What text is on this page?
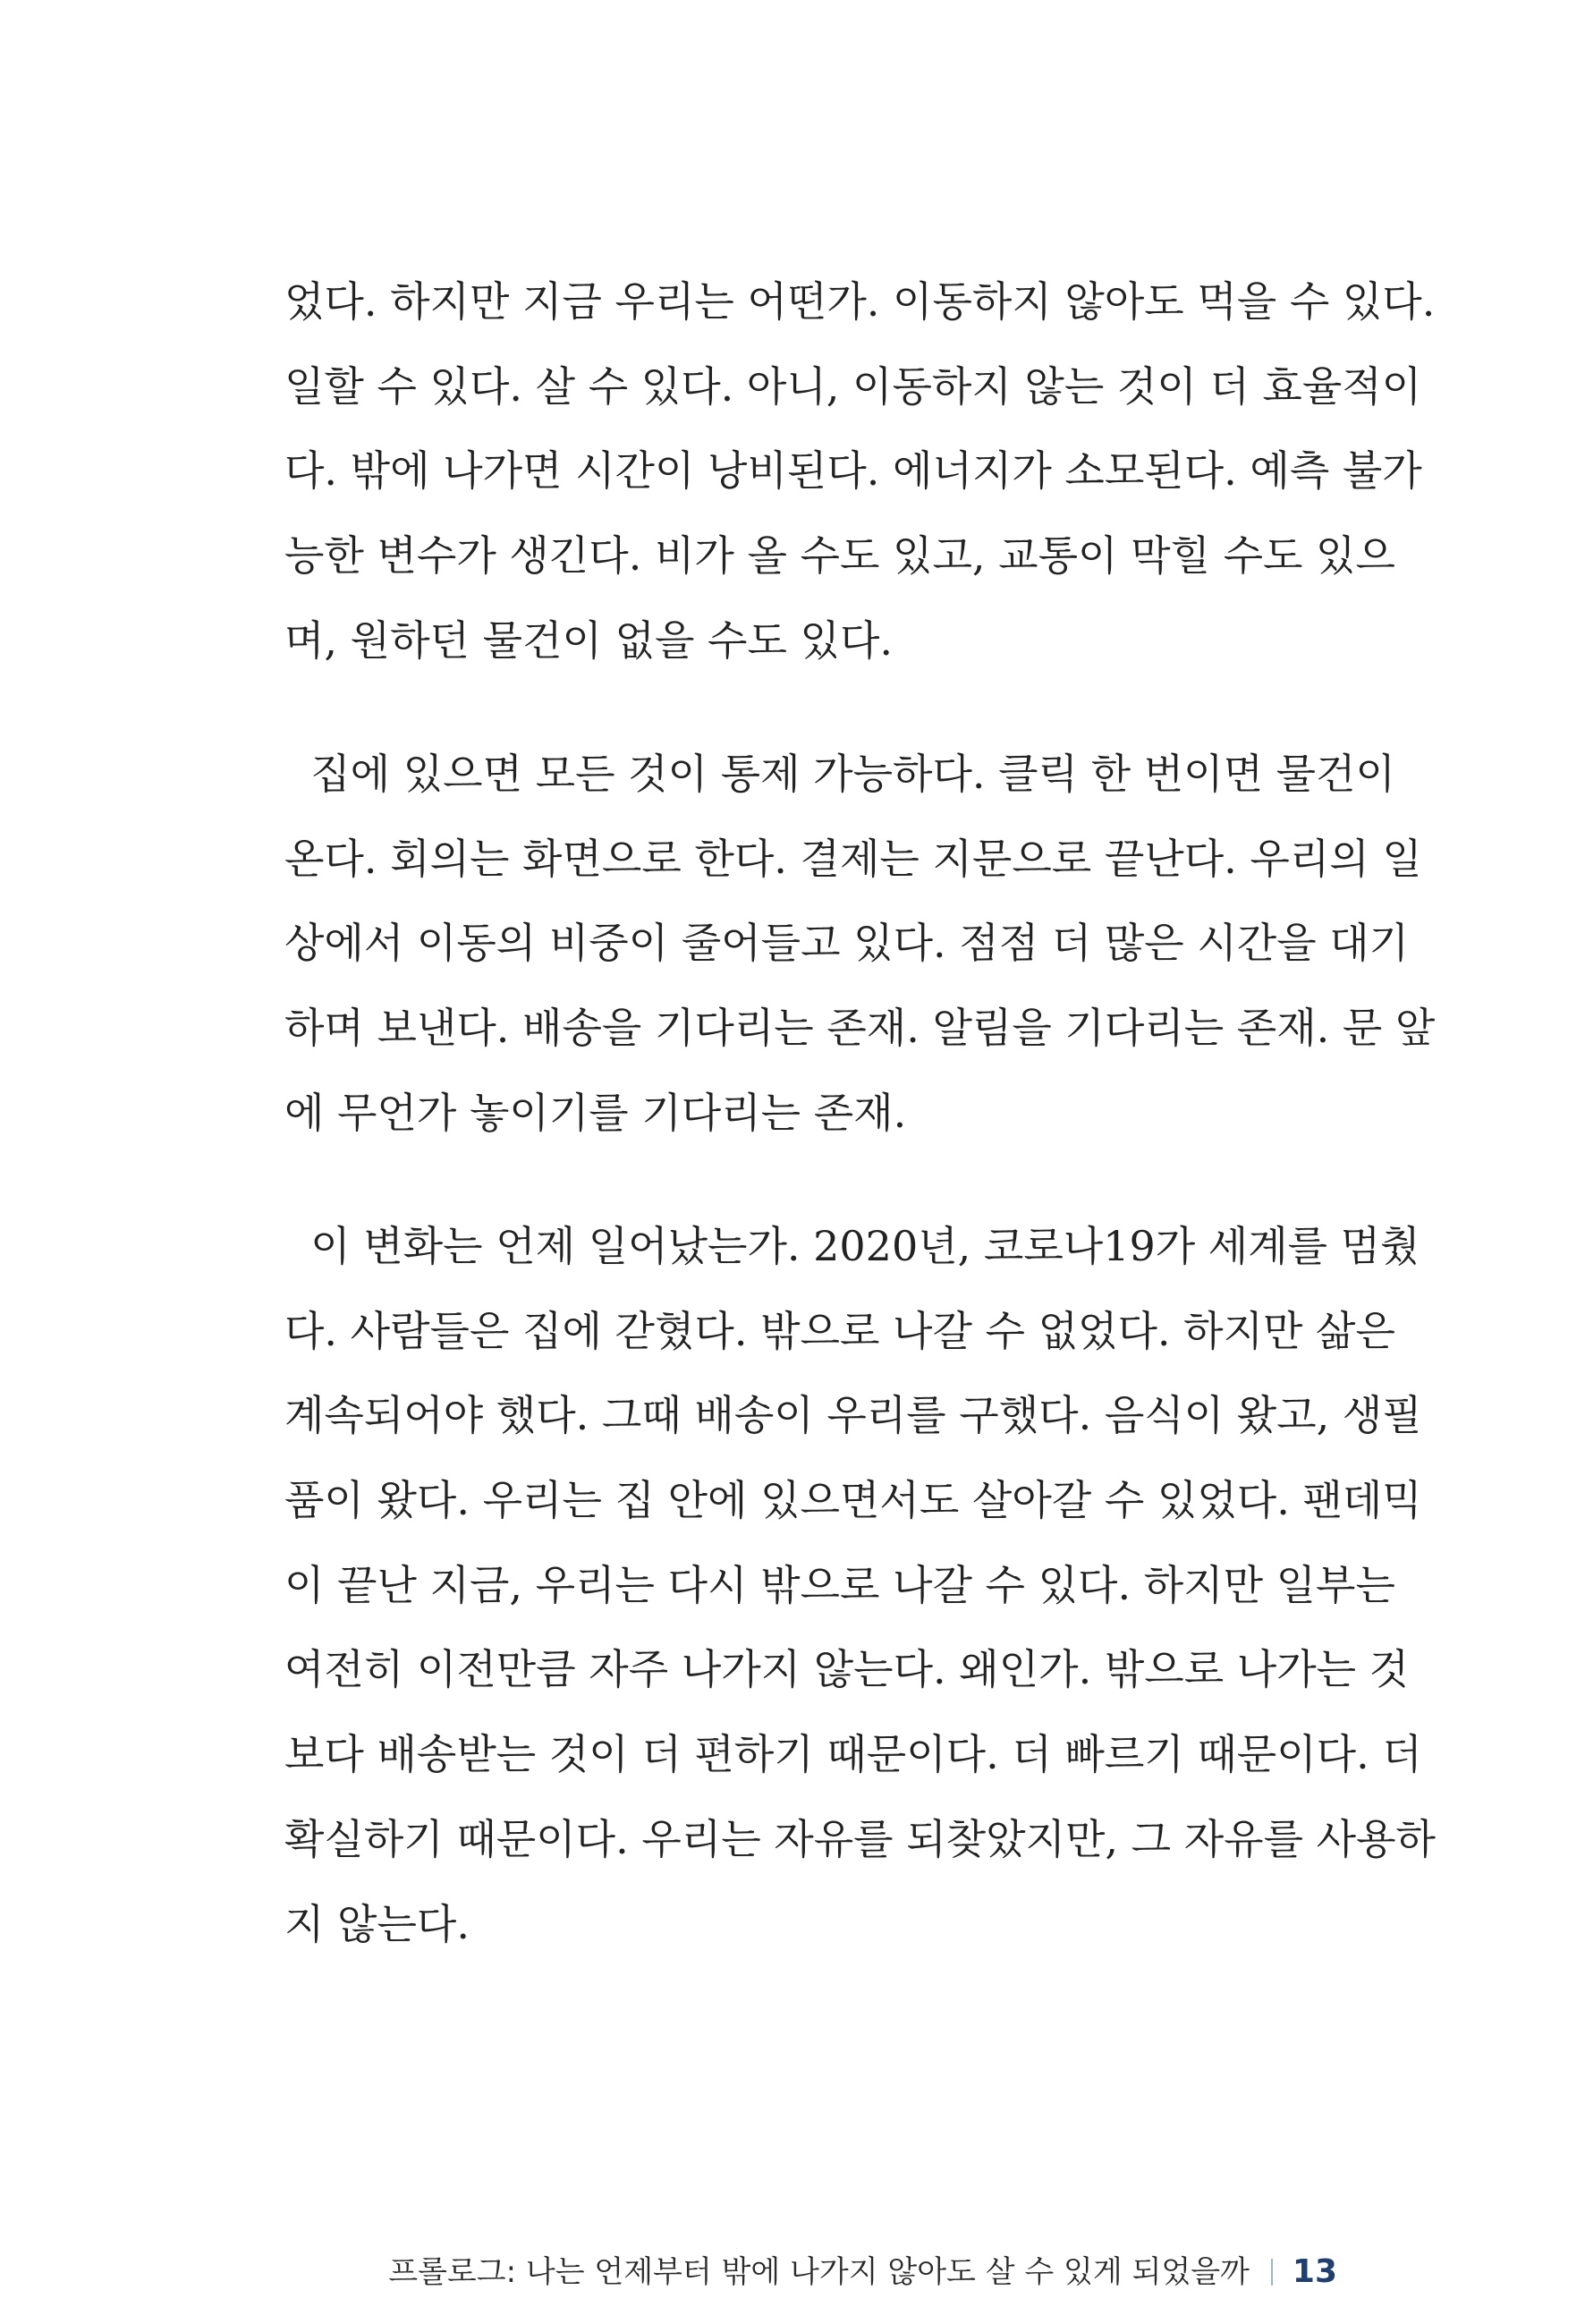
었다. 하지만 지금 우리는 어떤가. 이동하지 않아도 먹을 수 있다.
일할 수 있다. 살 수 있다. 아니, 이동하지 않는 것이 더 효율적이
다. 밖에 나가면 시간이 낭비된다. 에너지가 소모된다. 예측 불가
능한 변수가 생긴다. 비가 올 수도 있고, 교통이 막힐 수도 있으
며, 원하던 물건이 없을 수도 있다.
집에 있으면 모든 것이 통제 가능하다. 클릭 한 번이면 물건이
온다. 회의는 화면으로 한다. 결제는 지문으로 끝난다. 우리의 일
상에서 이동의 비중이 줄어들고 있다. 점점 더 많은 시간을 대기
하며 보낸다. 배송을 기다리는 존재. 알림을 기다리는 존재. 문 앞
에 무언가 놓이기를 기다리는 존재.
이 변화는 언제 일어났는가. 2020년, 코로나19가 세계를 멈췄
다. 사람들은 집에 갇혔다. 밖으로 나갈 수 없었다. 하지만 삶은
계속되어야 했다. 그때 배송이 우리를 구했다. 음식이 왔고, 생필
품이 왔다. 우리는 집 안에 있으면서도 살아갈 수 있었다. 팬데믹
이 끝난 지금, 우리는 다시 밖으로 나갈 수 있다. 하지만 일부는
여전히 이전만큼 자주 나가지 않는다. 왜인가. 밖으로 나가는 것
보다 배송받는 것이 더 편하기 때문이다. 더 빠르기 때문이다. 더
확실하기 때문이다. 우리는 자유를 되찾았지만, 그 자유를 사용하
지 않는다.
프롤로그: 나는 언제부터 밖에 나가지 않아도 살 수 있게 되었을까 13
